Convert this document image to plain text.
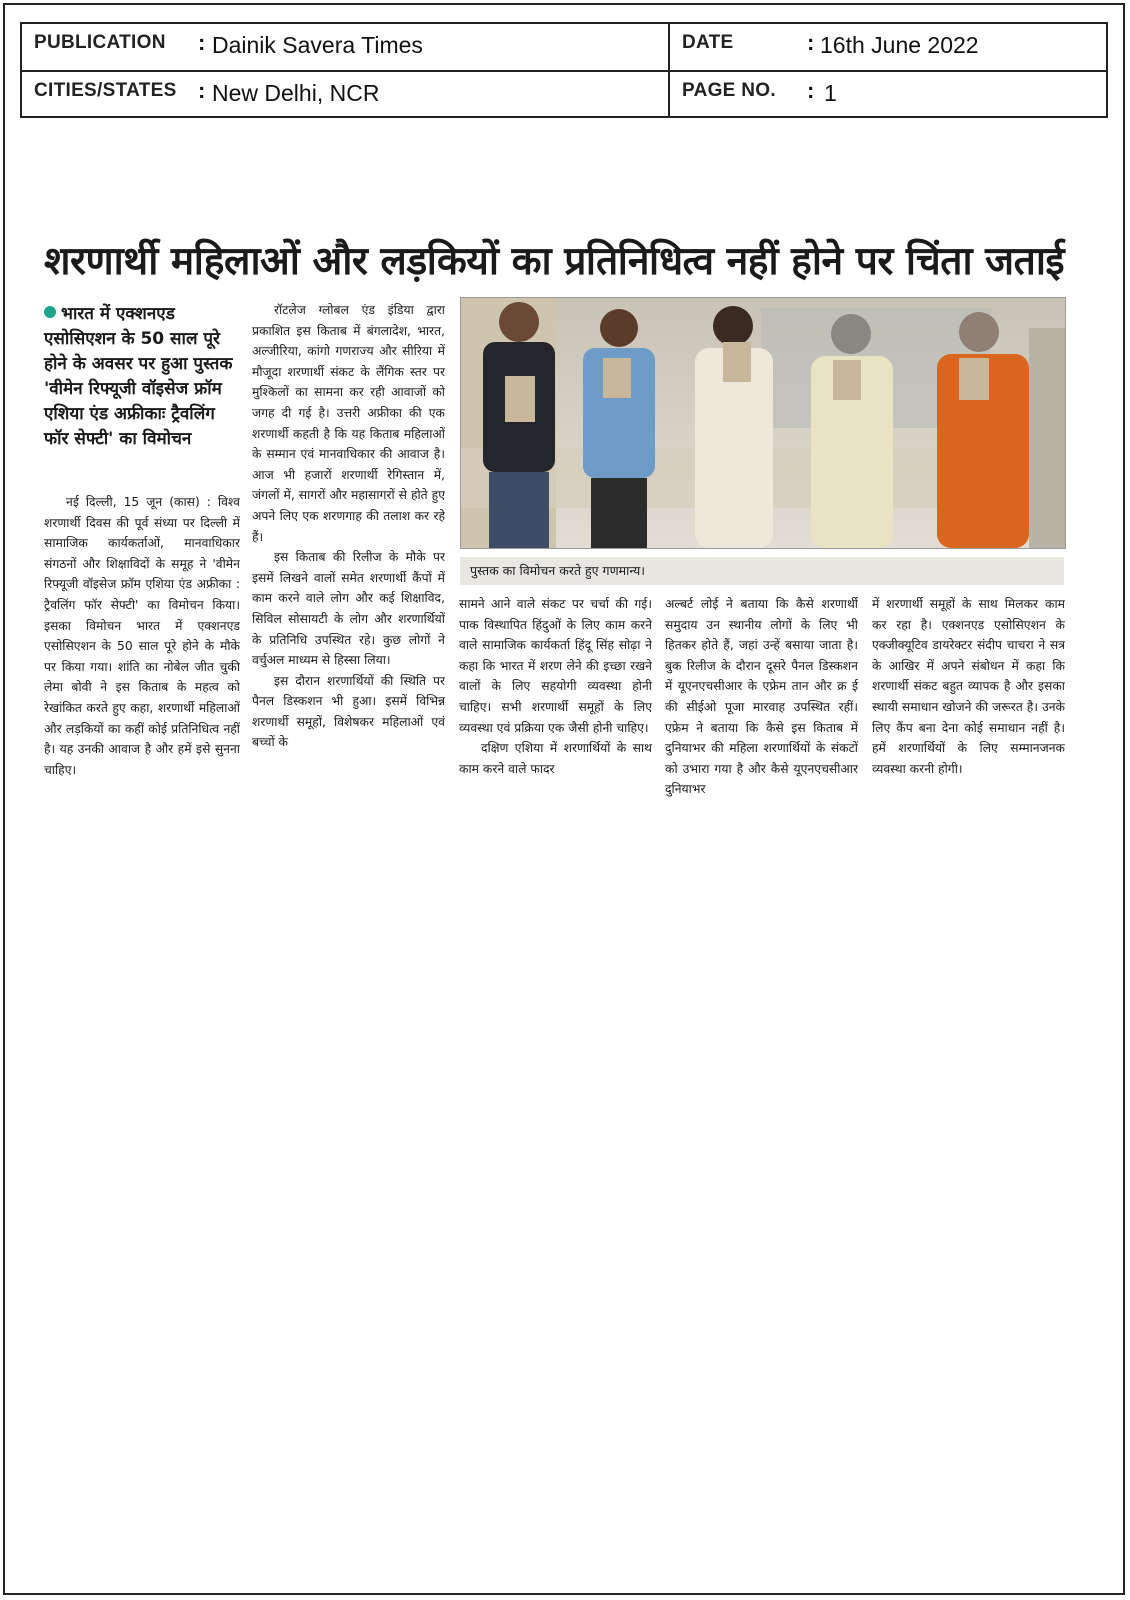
PUBLICATION : Dainik Savera Times	DATE	: 16th June 2022
CITIES/STATES : New Delhi, NCR	PAGE NO. : 1
शरणार्थी महिलाओं और लड़कियों का प्रतिनिधित्व नहीं होने पर चिंता जताई
भारत में एक्शनएड एसोसिएशन के 50 साल पूरे होने के अवसर पर हुआ पुस्तक 'वीमेन रिफ्यूजी वॉइसेज फ्रॉम एशिया एंड अफ्रीकाः ट्रैवलिंग फॉर सेफ्टी' का विमोचन

नई दिल्ली, 15 जून (कास) : विश्व शरणार्थी दिवस की पूर्व संध्या पर दिल्ली में सामाजिक कार्यकर्ताओं, मानवाधिकार संगठनों और शिक्षाविदों के समूह ने 'वीमेन रिफ्यूजी वॉइसेज फ्रॉम एशिया एंड अफ्रीका : ट्रैवलिंग फॉर सेफ्टी' का विमोचन किया। इसका विमोचन भारत में एक्शनएड एसोसिएशन के 50 साल पूरे होने के मौके पर किया गया। शांति का नोबेल जीत चुकी लेमा बोवी ने इस किताब के महत्व को रेखांकित करते हुए कहा, शरणार्थी महिलाओं और लड़कियों का कहीं कोई प्रतिनिधित्व नहीं है। यह उनकी आवाज है और हमें इसे सुनना चाहिए।

रॉटलेज ग्लोबल एंड इंडिया द्वारा प्रकाशित इस किताब में बंगलादेश, भारत, अल्जीरिया, कांगो गणराज्य और सीरिया में मौजूदा शरणार्थी संकट के लैंगिक स्तर पर मुश्किलों का सामना कर रही आवाजों को जगह दी गई है। उत्तरी अफ्रीका की एक शरणार्थी कहती है कि यह किताब महिलाओं के सम्मान एवं मानवाधिकार की आवाज है। आज भी हजारों शरणार्थी रेगिस्तान में, जंगलों में, सागरों और महासागरों से होते हुए अपने लिए एक शरणगाह की तलाश कर रहे हैं।

इस किताब की रिलीज के मौके पर इसमें लिखने वालों समेत शरणार्थी कैंपों में काम करने वाले लोग और कई शिक्षाविद, सिविल सोसायटी के लोग और शरणार्थियों के प्रतिनिधि उपस्थित रहे। कुछ लोगों ने वर्चुअल माध्यम से हिस्सा लिया।

इस दौरान शरणार्थियों की स्थिति पर पैनल डिस्कशन भी हुआ। इसमें विभिन्न शरणार्थी समूहों, विशेषकर महिलाओं एवं बच्चों के

पुस्तक का विमोचन करते हुए गणमान्य।

सामने आने वाले संकट पर चर्चा की गई। पाक विस्थापित हिंदुओं के लिए काम करने वाले सामाजिक कार्यकर्ता हिंदू सिंह सोढ़ा ने कहा कि भारत में शरण लेने की इच्छा रखने वालों के लिए सहयोगी व्यवस्था होनी चाहिए। सभी शरणार्थी समूहों के लिए व्यवस्था एवं प्रक्रिया एक जैसी होनी चाहिए।

दक्षिण एशिया में शरणार्थियों के साथ काम करने वाले फादर

अल्बर्ट लोई ने बताया कि कैसे शरणार्थी समुदाय उन स्थानीय लोगों के लिए भी हितकर होते हैं, जहां उन्हें बसाया जाता है। बुक रिलीज के दौरान दूसरे पैनल डिस्कशन में यूएनएचसीआर के एफ्रेम तान और क्र ई की सीईओ पूजा मारवाह उपस्थित रहीं। एफ्रेम ने बताया कि कैसे इस किताब में दुनियाभर की महिला शरणार्थियों के संकटों को उभारा गया है और कैसे यूएनएचसीआर दुनियाभर

में शरणार्थी समूहों के साथ मिलकर काम कर रहा है। एक्शनएड एसोसिएशन के एक्जीक्यूटिव डायरेक्टर संदीप चाचरा ने सत्र के आखिर में अपने संबोधन में कहा कि शरणार्थी संकट बहुत व्यापक है और इसका स्थायी समाधान खोजने की जरूरत है। उनके लिए कैंप बना देना कोई समाधान नहीं है। हमें शरणार्थियों के लिए सम्मानजनक व्यवस्था करनी होगी।
